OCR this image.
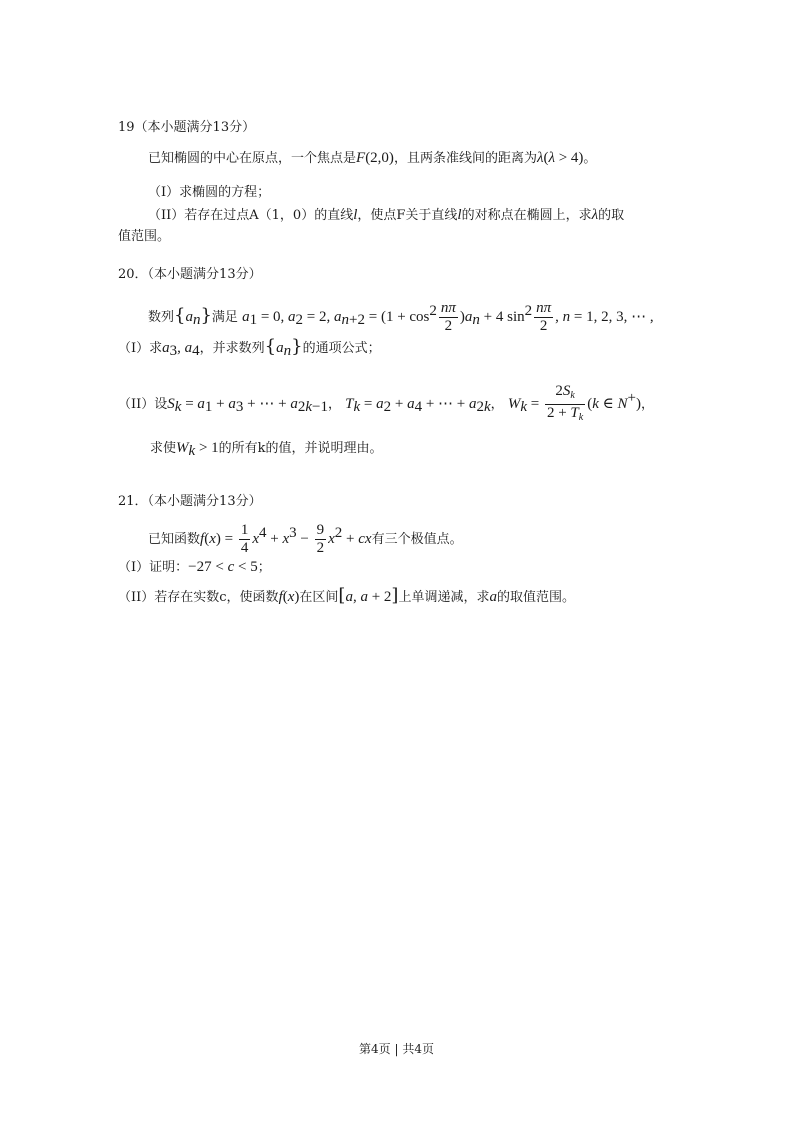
19（本小题满分13分）
已知椭圆的中心在原点，一个焦点是F(2,0)，且两条准线间的距离为λ(λ > 4)。
（I）求椭圆的方程；
（II）若存在过点A（1，0）的直线l，使点F关于直线l的对称点在椭圆上，求λ的取
值范围。
20．（本小题满分13分）
数列$\{a_n\}$满足 $a_1 = 0$, $a_2 = 2$, $a_{n+2} = (1 + \cos^2 \frac{n\pi}{2} )a_n + 4$ $\sin^2 \frac{n\pi}{2}$ , n = 1, 2, 3, ⋯ ,
（I）求$a_3$, $a_4$，并求数列$\{a_n\}$的通项公式；
（II）设$S_k = a_1 + a_3$ + ⋯ + $a_{2k-1}$， $T_k = a_2 + a_4$ + ⋯ + $a_{2k}$， $W_k = \frac{2S_k}{2 + T_k} (k$ ∈ N+)，
求使$W_k > 1$的所有k的值，并说明理由。
21．（本小题满分13分）
已知函数$f(x) = \frac{1}{4} x^4 + x^3 - \frac{9}{2} x^2$ + cx有三个极值点。
（I）证明：−27 < c < 5；
（II）若存在实数c，使函数f(x)在区间[a, a + 2]上单调递减，求a的取值范围。
第4页 | 共4页
